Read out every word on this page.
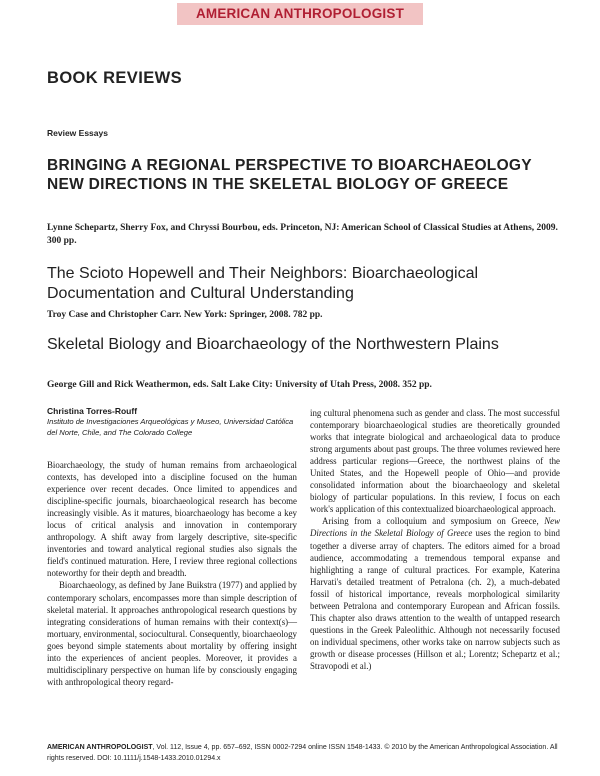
AMERICAN ANTHROPOLOGIST
BOOK REVIEWS
Review Essays
BRINGING A REGIONAL PERSPECTIVE TO BIOARCHAEOLOGY NEW DIRECTIONS IN THE SKELETAL BIOLOGY OF GREECE
Lynne Schepartz, Sherry Fox, and Chryssi Bourbou, eds. Princeton, NJ: American School of Classical Studies at Athens, 2009. 300 pp.
The Scioto Hopewell and Their Neighbors: Bioarchaeological Documentation and Cultural Understanding
Troy Case and Christopher Carr. New York: Springer, 2008. 782 pp.
Skeletal Biology and Bioarchaeology of the Northwestern Plains
George Gill and Rick Weathermon, eds. Salt Lake City: University of Utah Press, 2008. 352 pp.
Christina Torres-Rouff
Instituto de Investigaciones Arqueológicas y Museo, Universidad Católica del Norte, Chile, and The Colorado College

Bioarchaeology, the study of human remains from archaeological contexts, has developed into a discipline focused on the human experience over recent decades. Once limited to appendices and discipline-specific journals, bioarchaeological research has become increasingly visible. As it matures, bioarchaeology has become a key locus of critical analysis and innovation in contemporary anthropology. A shift away from largely descriptive, site-specific inventories and toward analytical regional studies also signals the field's continued maturation. Here, I review three regional collections noteworthy for their depth and breadth.

Bioarchaeology, as defined by Jane Buikstra (1977) and applied by contemporary scholars, encompasses more than simple description of skeletal material. It approaches anthropological research questions by integrating considerations of human remains with their context(s)—mortuary, environmental, sociocultural. Consequently, bioarchaeology goes beyond simple statements about mortality by offering insight into the experiences of ancient peoples. Moreover, it provides a multidisciplinary perspective on human life by consciously engaging with anthropological theory regard-

ing cultural phenomena such as gender and class. The most successful contemporary bioarchaeological studies are theoretically grounded works that integrate biological and archaeological data to produce strong arguments about past groups. The three volumes reviewed here address particular regions—Greece, the northwest plains of the United States, and the Hopewell people of Ohio—and provide consolidated information about the bioarchaeology and skeletal biology of particular populations. In this review, I focus on each work's application of this contextualized bioarchaeological approach.

Arising from a colloquium and symposium on Greece, New Directions in the Skeletal Biology of Greece uses the region to bind together a diverse array of chapters. The editors aimed for a broad audience, accommodating a tremendous temporal expanse and highlighting a range of cultural practices. For example, Katerina Harvati's detailed treatment of Petralona (ch. 2), a much-debated fossil of historical importance, reveals morphological similarity between Petralona and contemporary European and African fossils. This chapter also draws attention to the wealth of untapped research questions in the Greek Paleolithic. Although not necessarily focused on individual specimens, other works take on narrow subjects such as growth or disease processes (Hillson et al.; Lorentz; Schepartz et al.; Stravopodi et al.)

AMERICAN ANTHROPOLOGIST, Vol. 112, Issue 4, pp. 657–692, ISSN 0002-7294 online ISSN 1548-1433. © 2010 by the American Anthropological Association. All rights reserved. DOI: 10.1111/j.1548-1433.2010.01294.x
